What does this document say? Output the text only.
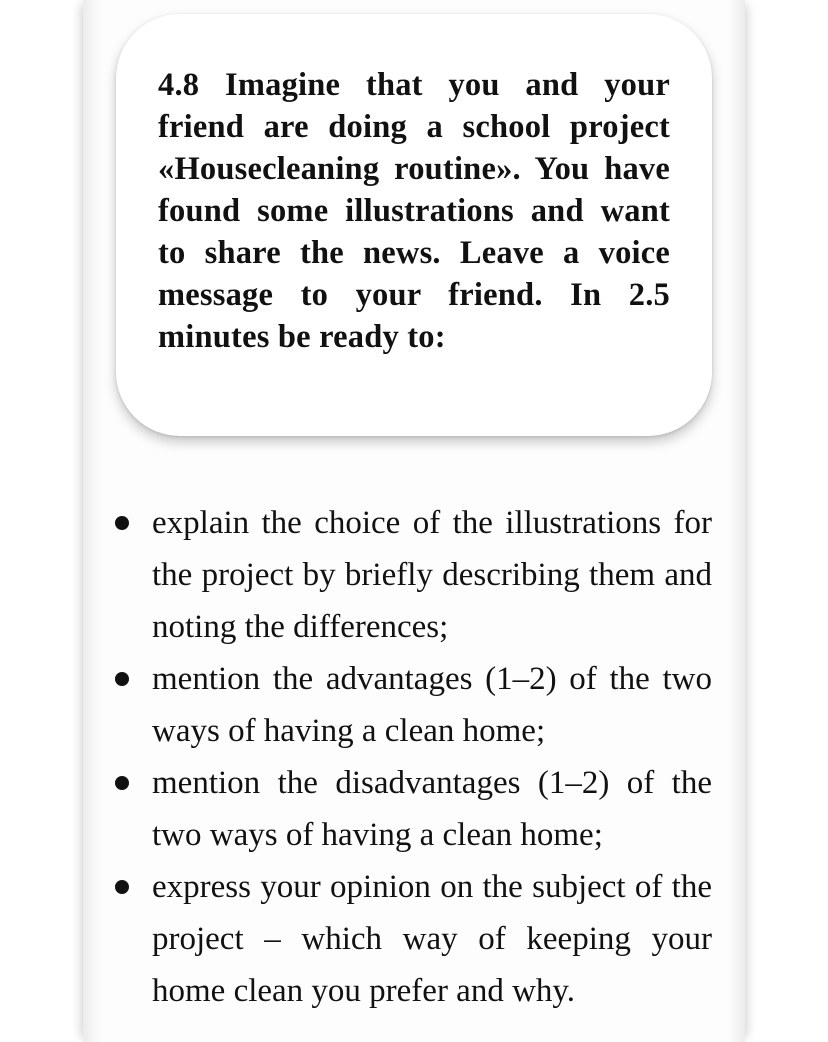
4.8 Imagine that you and your friend are doing a school project «Housecleaning routine». You have found some illustrations and want to share the news. Leave a voice message to your friend. In 2.5 minutes be ready to:

explain the choice of the illustrations for the project by briefly describing them and noting the differences;
mention the advantages (1–2) of the two ways of having a clean home;
mention the disadvantages (1–2) of the two ways of having a clean home;
express your opinion on the subject of the project – which way of keeping your home clean you prefer and why.
